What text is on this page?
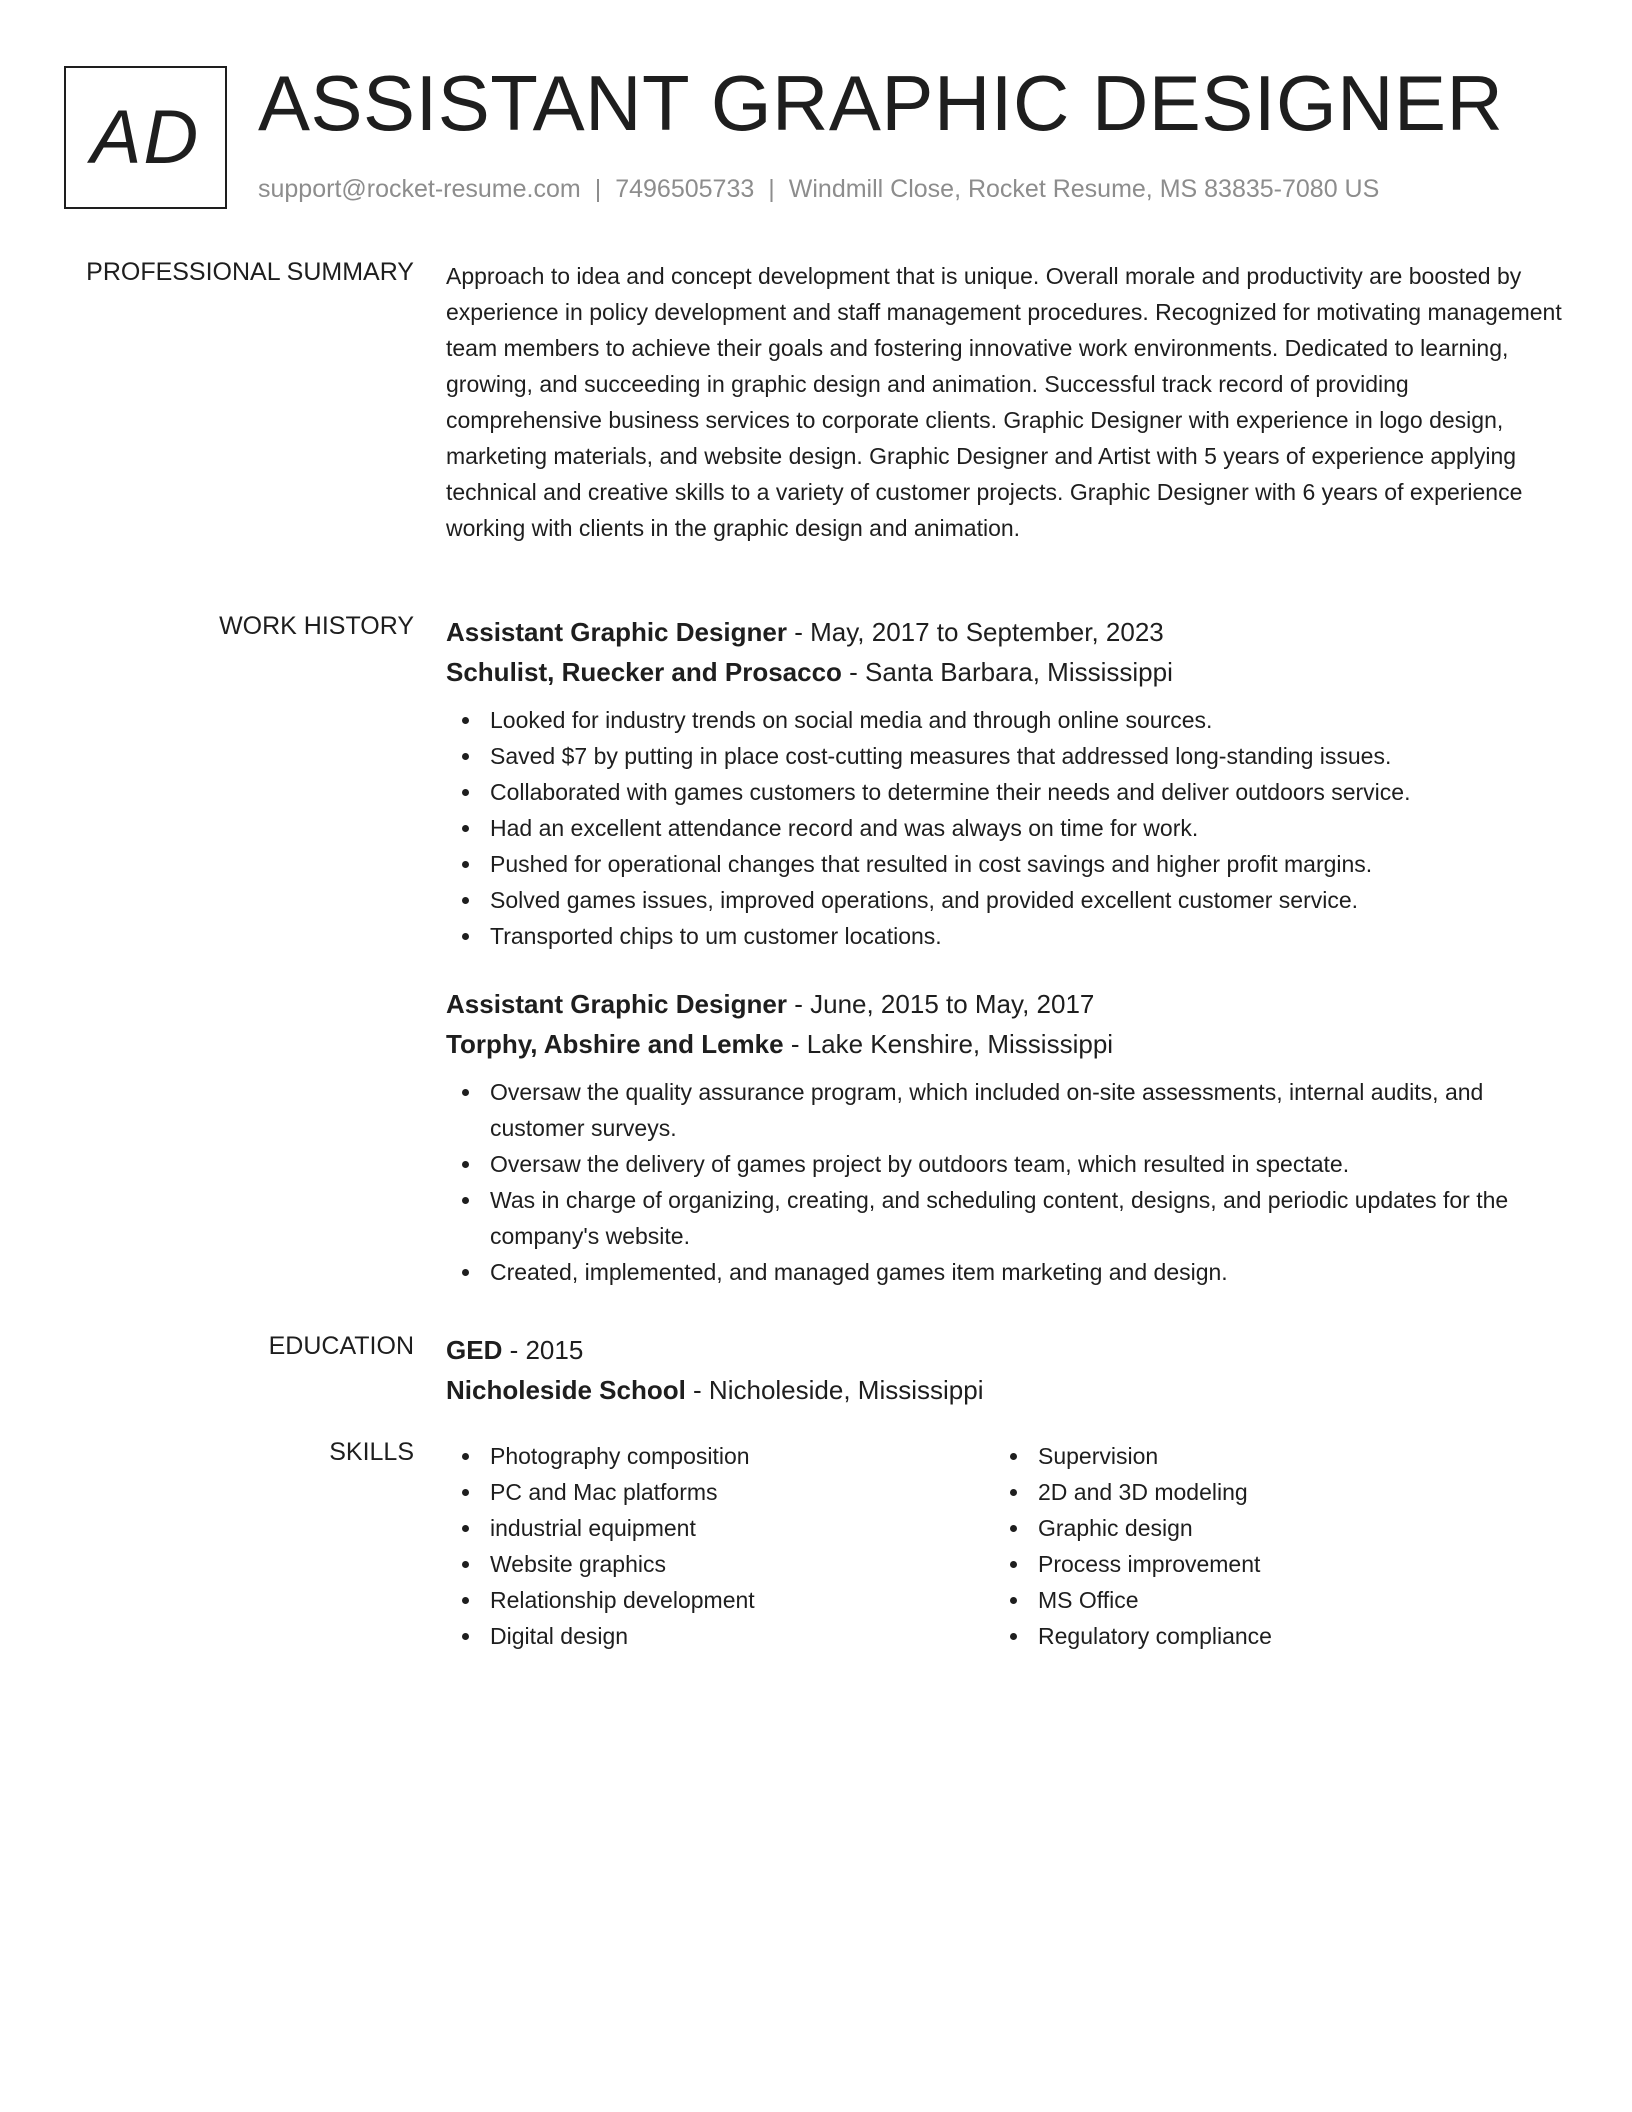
AD ASSISTANT GRAPHIC DESIGNER
support@rocket-resume.com | 7496505733 | Windmill Close, Rocket Resume, MS 83835-7080 US
PROFESSIONAL SUMMARY Approach to idea and concept development that is unique. Overall morale and productivity are boosted by experience in policy development and staff management procedures. Recognized for motivating management team members to achieve their goals and fostering innovative work environments. Dedicated to learning, growing, and succeeding in graphic design and animation. Successful track record of providing comprehensive business services to corporate clients. Graphic Designer with experience in logo design, marketing materials, and website design. Graphic Designer and Artist with 5 years of experience applying technical and creative skills to a variety of customer projects. Graphic Designer with 6 years of experience working with clients in the graphic design and animation.
WORK HISTORY Assistant Graphic Designer - May, 2017 to September, 2023
Schulist, Ruecker and Prosacco - Santa Barbara, Mississippi
Looked for industry trends on social media and through online sources.
Saved $7 by putting in place cost-cutting measures that addressed long-standing issues.
Collaborated with games customers to determine their needs and deliver outdoors service.
Had an excellent attendance record and was always on time for work.
Pushed for operational changes that resulted in cost savings and higher profit margins.
Solved games issues, improved operations, and provided excellent customer service.
Transported chips to um customer locations.
Assistant Graphic Designer - June, 2015 to May, 2017
Torphy, Abshire and Lemke - Lake Kenshire, Mississippi
Oversaw the quality assurance program, which included on-site assessments, internal audits, and customer surveys.
Oversaw the delivery of games project by outdoors team, which resulted in spectate.
Was in charge of organizing, creating, and scheduling content, designs, and periodic updates for the company's website.
Created, implemented, and managed games item marketing and design.
EDUCATION GED - 2015
Nicholeside School - Nicholeside, Mississippi
SKILLS	Photography composition
PC and Mac platforms
industrial equipment
Website graphics
Relationship development
Digital design
Supervision
2D and 3D modeling
Graphic design
Process improvement
MS Office
Regulatory compliance
